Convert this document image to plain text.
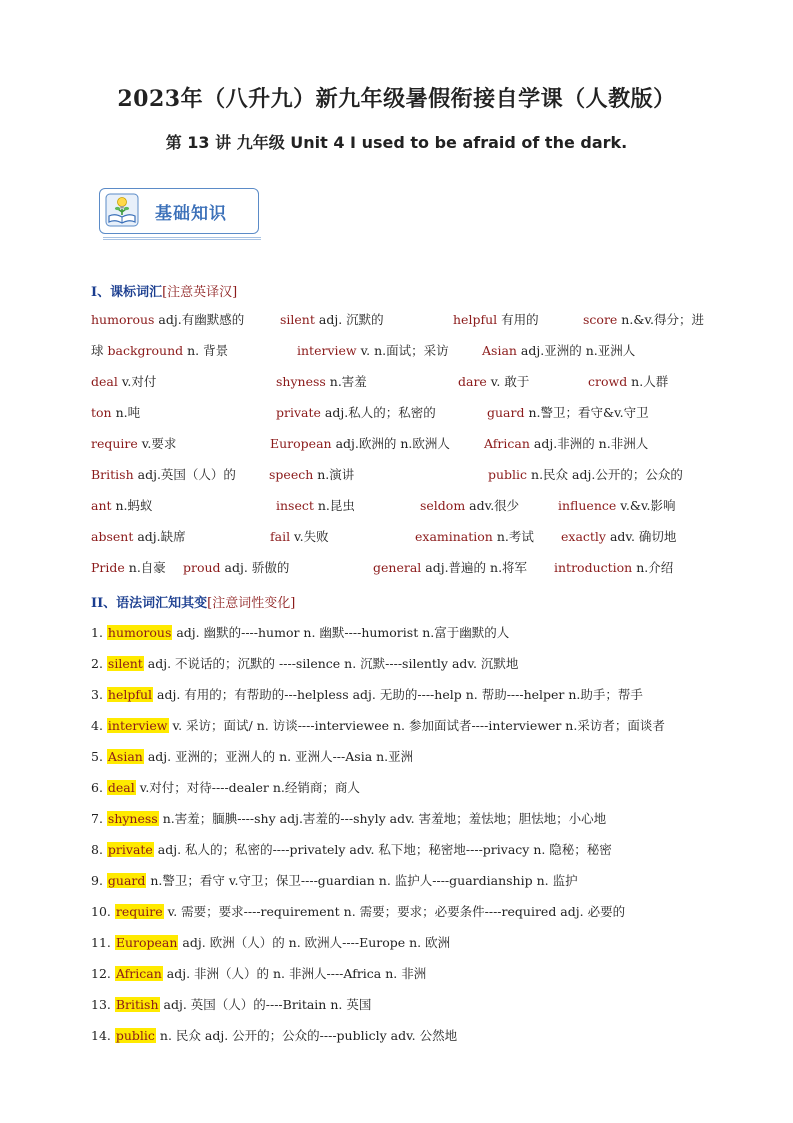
2023年（八升九）新九年级暑假衔接自学课（人教版）
第 13 讲 九年级 Unit 4 I used to be afraid of the dark.
基础知识
I、课标词汇[注意英译汉]
humorous adj.有幽默感的	silent adj. 沉默的	helpful 有用的	score n.&v.得分；进
球 background n. 背景	interview v. n.面试；采访	Asian adj.亚洲的 n.亚洲人
deal v.对付	shyness n.害羞	dare v. 敢于	crowd n.人群
ton n.吨	private adj.私人的；私密的	guard n.警卫；看守&v.守卫
require v.要求	European adj.欧洲的 n.欧洲人	African adj.非洲的 n.非洲人
British adj.英国（人）的	speech n.演讲	public n.民众 adj.公开的；公众的
ant n.蚂蚁	insect n.昆虫	seldom adv.很少	influence v.&v.影响
absent adj.缺席	fail v.失败	examination n.考试 exactly adv. 确切地
Pride n.自豪 proud adj. 骄傲的	general adj.普遍的 n.将军 introduction n.介绍
II、语法词汇知其变[注意词性变化]
1. humorous adj. 幽默的----humor n. 幽默----humorist n.富于幽默的人
2. silent adj. 不说话的；沉默的 ----silence n. 沉默----silently adv. 沉默地
3. helpful adj. 有用的；有帮助的---helpless adj. 无助的----help n. 帮助----helper n.助手；帮手
4. interview v. 采访；面试/ n. 访谈----interviewee n. 参加面试者----interviewer n.采访者；面谈者
5. Asian adj. 亚洲的；亚洲人的 n. 亚洲人---Asia n.亚洲
6. deal v.对付；对待----dealer n.经销商；商人
7. shyness n.害羞；腼腆----shy adj.害羞的---shyly adv. 害羞地；羞怯地；胆怯地；小心地
8. private adj. 私人的；私密的----privately adv. 私下地；秘密地----privacy n. 隐秘；秘密
9. guard n.警卫；看守 v.守卫；保卫----guardian n. 监护人----guardianship n. 监护
10. require v. 需要；要求----requirement n. 需要；要求；必要条件----required adj. 必要的
11. European adj. 欧洲（人）的 n. 欧洲人----Europe n. 欧洲
12. African adj. 非洲（人）的 n. 非洲人----Africa n. 非洲
13. British adj. 英国（人）的----Britain n. 英国
14. public n. 民众 adj. 公开的；公众的----publicly adv. 公然地
